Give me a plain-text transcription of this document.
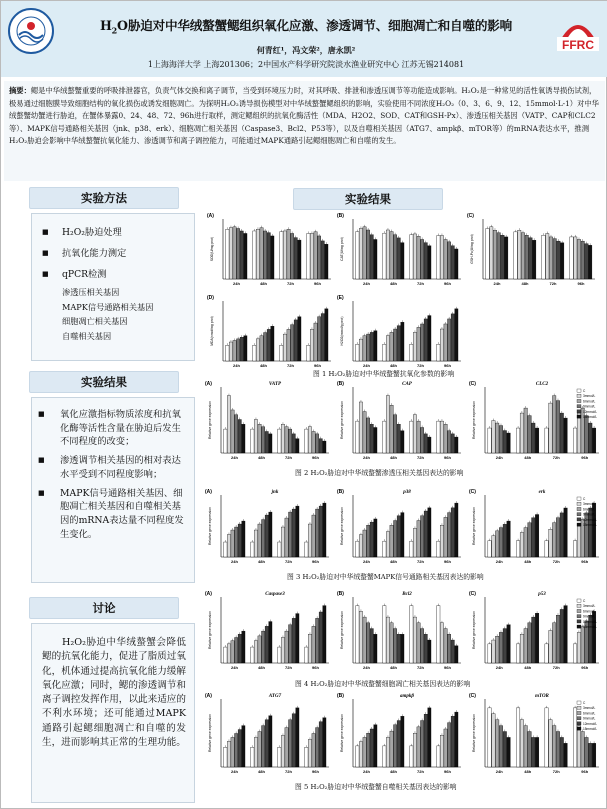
$H_2O$胁迫对中华绒螯蟹鳃组织氧化应激、渗透调节、细胞凋亡和自噬的影响
何青红¹，冯文荣²，唐永凯²
1上海海洋大学 上海201306；2中国水产科学研究院淡水渔业研究中心 江苏无锡214081
FFRC
摘要：鳃是中华绒螯蟹重要的呼吸排泄器官，负责气体交换和离子调节，当受到环境压力时，对其呼吸、排泄和渗透压调节等功能造成影响。H₂O₂是一种常见的活性氧诱导损伤试剂，极易通过细胞膜导致细胞结构的氧化损伤或诱发细胞凋亡。为探明H₂O₂诱导损伤模型对中华绒螯蟹鳃组织的影响，实验使用不同浓度H₂O₂（0、3、6、9、12、15mmol·L-1）对中华绒螯蟹幼蟹进行胁迫，在蟹体暴露0、24、48、72、96h进行取样，测定鳃组织的抗氧化酶活性（MDA、H2O2、SOD、CAT和GSH-Px）、渗透压相关基因（VATP、CAP和CLC2等）、MAPK信号通路相关基因（jnk、p38、erk）、细胞凋亡相关基因（Caspase3、Bcl2、P53等），以及自噬相关基因（ATG7、ampkβ、mTOR等）的mRNA表达水平，推测H₂O₂胁迫会影响中华绒螯蟹抗氧化能力、渗透调节和离子调控能力，可能通过MAPK通路引起鳃细胞凋亡和自噬的发生。
实验方法
■ H₂O₂胁迫处理
■ 抗氧化能力测定
■ qPCR检测
渗透压相关基因
MAPK信号通路相关基因
细胞凋亡相关基因
自噬相关基因
实验结果
■ 氧化应激指标物质浓度和抗氧化酶等活性含量在胁迫后发生不同程度的改变；
■ 渗透调节相关基因的相对表达水平受到不同程度影响；
■ MAPK信号通路相关基因、细胞凋亡相关基因和自噬相关基因的mRNA表达量不同程度发生变化。
讨论

H₂O₂胁迫中华绒螯蟹会降低鳃的抗氧化能力，促进了脂质过氧化，机体通过提高抗氧化能力缓解氧化应激；同时，鳃的渗透调节和离子调控发挥作用，以此来适应的不利水环境；还可能通过MAPK通路引起鳃细胞凋亡和自噬的发生，进而影响其正常的生理功能。

实验结果
(A)
SOD(U/mg prot)
24h	48h	72h	96h
(B)
CAT(U/mg prot)
24h	48h	72h	96h
(C)
GSH-Px(U/mg prot)
24h	48h	72h	96h
(D)
MDA(nmol/mg prot)
24h	48h	72h	96h
(E)
H2O2(mmol/g prot)
24h	48h	72h	96h
图 1 H₂O₂胁迫对中华绒螯蟹抗氧化参数的影响
(A)	VATP
Relative gene expression
24h	48h	72h	96h
(B)	CAP
Relative gene expression
24h	48h	72h	96h
(C)	CLC2
Relative gene expression
24h	48h	72h	96h
C
3mmol/L
6mmol/L
9mmol/L
12mmol/L
15mmol/L
图 2 H₂O₂胁迫对中华绒螯蟹渗透压相关基因表达的影响
(A)	jnk
Relative gene expression
24h	48h	72h	96h
(B)	p38
Relative gene expression
24h	48h	72h	96h
(C)	erk
Relative gene expression
24h	48h	72h	96h
C
3mmol/L
6mmol/L
9mmol/L
12mmol/L
15mmol/L
图 3 H₂O₂胁迫对中华绒螯蟹MAPK信号通路相关基因表达的影响
(A)	Caspase3
Relative gene expression
24h	48h	72h	96h
(B)	Bcl2
Relative gene expression
24h	48h	72h	96h
(C)	p53
Relative gene expression
24h	48h	72h	96h
C
3mmol/L
6mmol/L
9mmol/L
12mmol/L
15mmol/L
图 4 H₂O₂胁迫对中华绒螯蟹细胞凋亡相关基因表达的影响
(A)	ATG7
Relative gene expression
24h	48h	72h	96h
(B)	ampkβ
Relative gene expression
24h	48h	72h	96h
(C)	mTOR
Relative gene expression
24h	48h	72h	96h
C
3mmol/L
6mmol/L
9mmol/L
12mmol/L
15mmol/L
图 5 H₂O₂胁迫对中华绒螯蟹自噬相关基因表达的影响
